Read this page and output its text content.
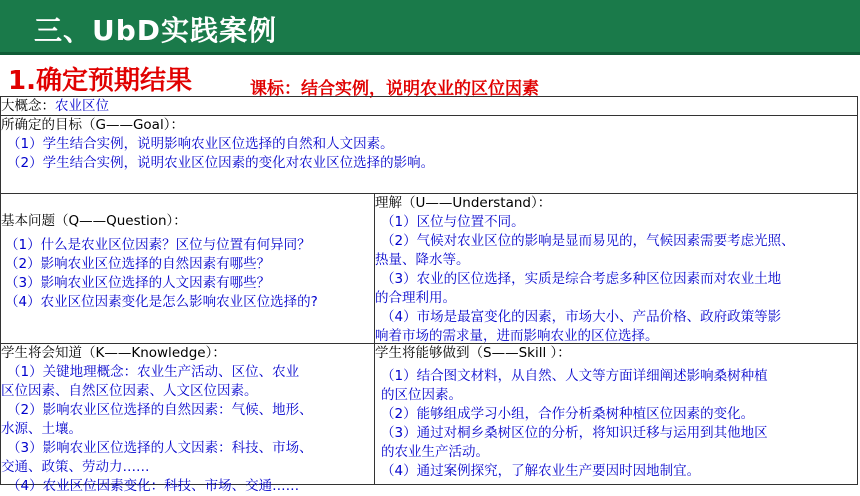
三、UbD实践案例
1.确定预期结果	课标：结合实例，说明农业的区位因素
大概念：农业区位
所确定的目标（G——Goal）：
（1）学生结合实例，说明影响农业区位选择的自然和人文因素。
（2）学生结合实例，说明农业区位因素的变化对农业区位选择的影响。
基本问题（Q——Question）：
（1）什么是农业区位因素？区位与位置有何异同？
（2）影响农业区位选择的自然因素有哪些？
（3）影响农业区位选择的人文因素有哪些？
（4）农业区位因素变化是怎么影响农业区位选择的?
理解（U——Understand）：
（1）区位与位置不同。
（2）气候对农业区位的影响是显而易见的，气候因素需要考虑光照、
热量、降水等。
（3）农业的区位选择，实质是综合考虑多种区位因素而对农业土地
的合理利用。
（4）市场是最富变化的因素，市场大小、产品价格、政府政策等影
响着市场的需求量，进而影响农业的区位选择。
学生将会知道（K——Knowledge）：
（1）关键地理概念：农业生产活动、区位、农业
区位因素、自然区位因素、人文区位因素。
（2）影响农业区位选择的自然因素：气候、地形、
水源、土壤。
（3）影响农业区位选择的人文因素：科技、市场、
交通、政策、劳动力……
（4）农业区位因素变化：科技、市场、交通……
学生将能够做到（S——Skill ）：
（1）结合图文材料，从自然、人文等方面详细阐述影响桑树种植
的区位因素。
（2）能够组成学习小组，合作分析桑树种植区位因素的变化。
（3）通过对桐乡桑树区位的分析，将知识迁移与运用到其他地区
的农业生产活动。
（4）通过案例探究，了解农业生产要因时因地制宜。
